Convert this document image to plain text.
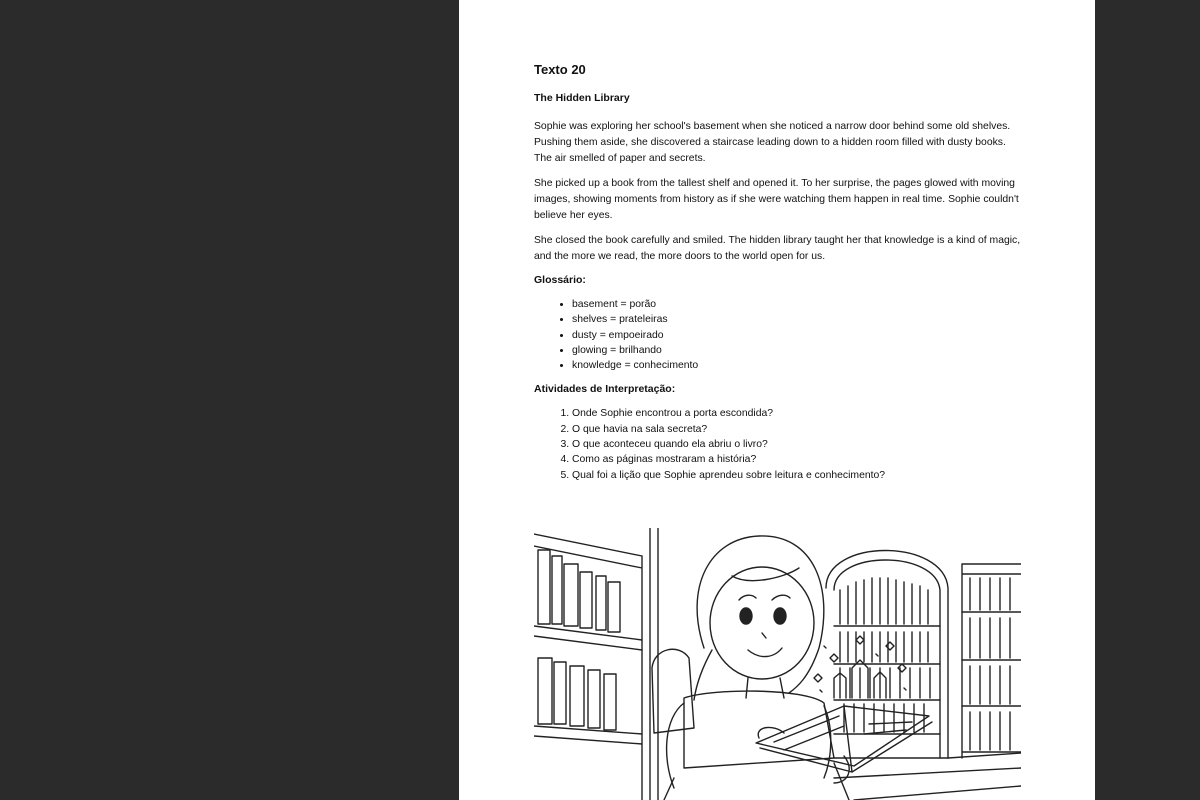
Texto 20
The Hidden Library

Sophie was exploring her school's basement when she noticed a narrow door behind some old shelves. Pushing them aside, she discovered a staircase leading down to a hidden room filled with dusty books. The air smelled of paper and secrets.

She picked up a book from the tallest shelf and opened it. To her surprise, the pages glowed with moving images, showing moments from history as if she were watching them happen in real time. Sophie couldn't believe her eyes.

She closed the book carefully and smiled. The hidden library taught her that knowledge is a kind of magic, and the more we read, the more doors to the world open for us.

Glossário:
• basement = porão
• shelves = prateleiras
• dusty = empoeirado
• glowing = brilhando
• knowledge = conhecimento
Atividades de Interpretação:
1. Onde Sophie encontrou a porta escondida?
2. O que havia na sala secreta?
3. O que aconteceu quando ela abriu o livro?
4. Como as páginas mostraram a história?
5. Qual foi a lição que Sophie aprendeu sobre leitura e conhecimento?
